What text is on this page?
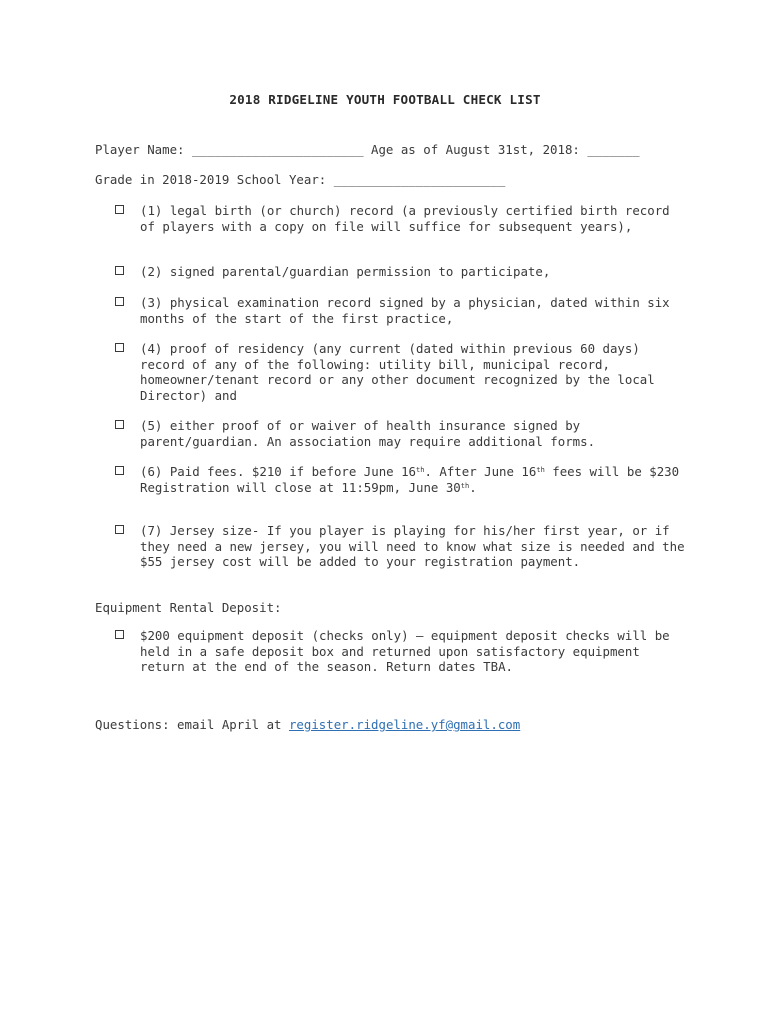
2018 RIDGELINE YOUTH FOOTBALL CHECK LIST
Player Name: _______________________ Age as of August 31st, 2018: _______
Grade in 2018-2019 School Year: _______________________
(1) legal birth (or church) record (a previously certified birth record of players with a copy on file will suffice for subsequent years),
(2) signed parental/guardian permission to participate,
(3) physical examination record signed by a physician, dated within six months of the start of the first practice,
(4) proof of residency (any current (dated within previous 60 days) record of any of the following: utility bill, municipal record, homeowner/tenant record or any other document recognized by the local Director) and
(5) either proof of or waiver of health insurance signed by parent/guardian. An association may require additional forms.
(6) Paid fees. $210 if before June 16th. After June 16th fees will be $230 Registration will close at 11:59pm, June 30th.
(7) Jersey size- If you player is playing for his/her first year, or if they need a new jersey, you will need to know what size is needed and the $55 jersey cost will be added to your registration payment.
Equipment Rental Deposit:
$200 equipment deposit (checks only) – equipment deposit checks will be held in a safe deposit box and returned upon satisfactory equipment return at the end of the season. Return dates TBA.
Questions: email April at register.ridgeline.yf@gmail.com
